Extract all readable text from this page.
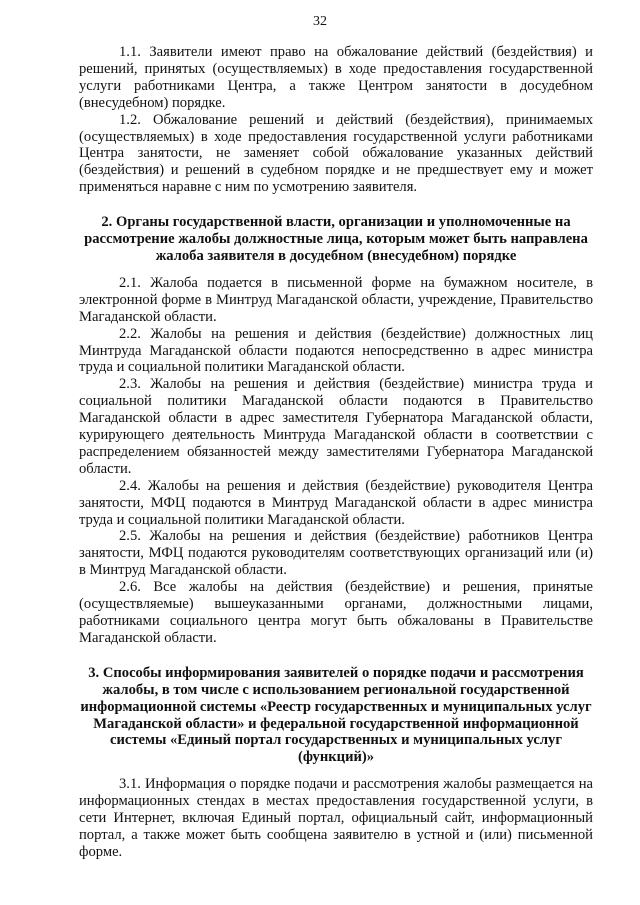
32

1.1. Заявители имеют право на обжалование действий (бездействия) и решений, принятых (осуществляемых) в ходе предоставления государственной услуги работниками Центра, а также Центром занятости в досудебном (внесудебном) порядке.

1.2. Обжалование решений и действий (бездействия), принимаемых (осуществляемых) в ходе предоставления государственной услуги работниками Центра занятости, не заменяет собой обжалование указанных действий (бездействия) и решений в судебном порядке и не предшествует ему и может применяться наравне с ним по усмотрению заявителя.

2. Органы государственной власти, организации и уполномоченные на рассмотрение жалобы должностные лица, которым может быть направлена жалоба заявителя в досудебном (внесудебном) порядке

2.1. Жалоба подается в письменной форме на бумажном носителе, в электронной форме в Минтруд Магаданской области, учреждение, Правительство Магаданской области.

2.2. Жалобы на решения и действия (бездействие) должностных лиц Минтруда Магаданской области подаются непосредственно в адрес министра труда и социальной политики Магаданской области.

2.3. Жалобы на решения и действия (бездействие) министра труда и социальной политики Магаданской области подаются в Правительство Магаданской области в адрес заместителя Губернатора Магаданской области, курирующего деятельность Минтруда Магаданской области в соответствии с распределением обязанностей между заместителями Губернатора Магаданской области.

2.4. Жалобы на решения и действия (бездействие) руководителя Центра занятости, МФЦ подаются в Минтруд Магаданской области в адрес министра труда и социальной политики Магаданской области.

2.5. Жалобы на решения и действия (бездействие) работников Центра занятости, МФЦ подаются руководителям соответствующих организаций или (и) в Минтруд Магаданской области.

2.6. Все жалобы на действия (бездействие) и решения, принятые (осуществляемые) вышеуказанными органами, должностными лицами, работниками социального центра могут быть обжалованы в Правительстве Магаданской области.

3. Способы информирования заявителей о порядке подачи и рассмотрения жалобы, в том числе с использованием региональной государственной информационной системы «Реестр государственных и муниципальных услуг Магаданской области» и федеральной государственной информационной системы «Единый портал государственных и муниципальных услуг (функций)»

3.1. Информация о порядке подачи и рассмотрения жалобы размещается на информационных стендах в местах предоставления государственной услуги, в сети Интернет, включая Единый портал, официальный сайт, информационный портал, а также может быть сообщена заявителю в устной и (или) письменной форме.
